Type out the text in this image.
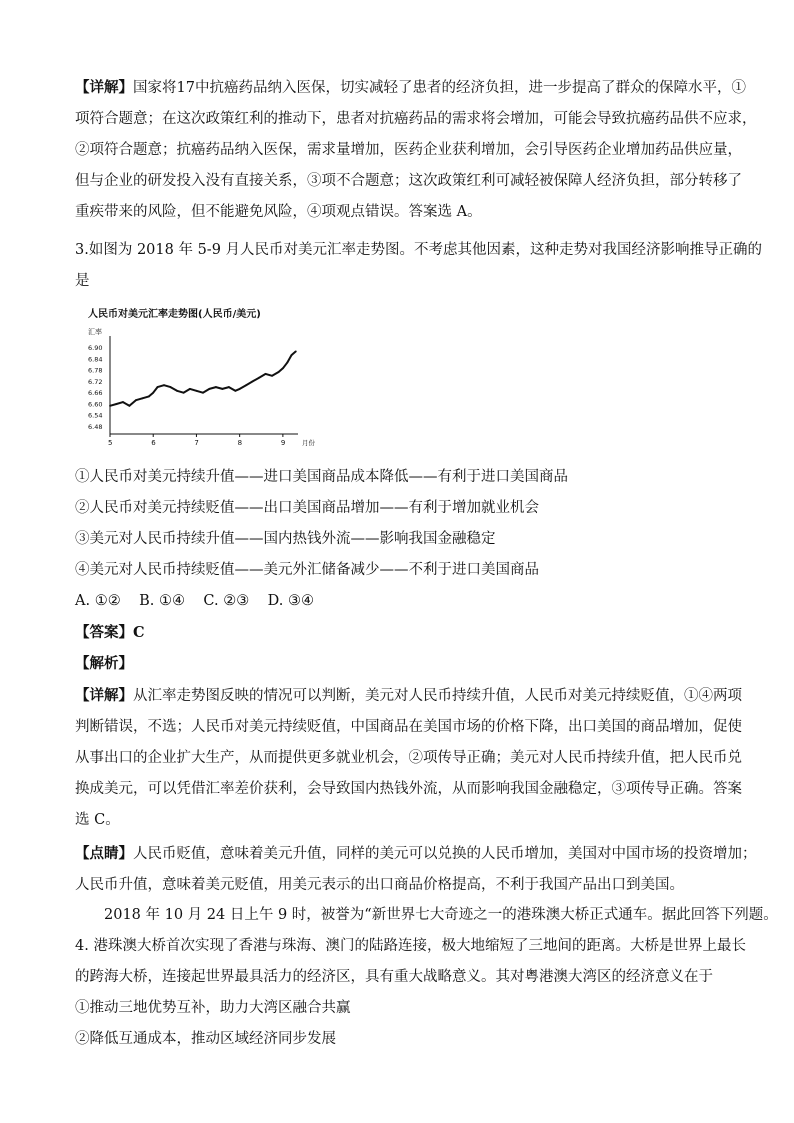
【详解】国家将17中抗癌药品纳入医保，切实减轻了患者的经济负担，进一步提高了群众的保障水平，①
项符合题意；在这次政策红利的推动下，患者对抗癌药品的需求将会增加，可能会导致抗癌药品供不应求，
②项符合题意；抗癌药品纳入医保，需求量增加，医药企业获利增加，会引导医药企业增加药品供应量，
但与企业的研发投入没有直接关系，③项不合题意；这次政策红利可减轻被保障人经济负担，部分转移了
重疾带来的风险，但不能避免风险，④项观点错误。答案选 A。
3.如图为 2018 年 5-9 月人民币对美元汇率走势图。不考虑其他因素，这种走势对我国经济影响推导正确的
是
人民币对美元汇率走势图(人民币/美元)
汇率
6.90
6.84
6.78
6.72
6.66
6.60
6.54
6.48
5	6	7	8	9	月份
①人民币对美元持续升值——进口美国商品成本降低——有利于进口美国商品
②人民币对美元持续贬值——出口美国商品增加——有利于增加就业机会
③美元对人民币持续升值——国内热钱外流——影响我国金融稳定
④美元对人民币持续贬值——美元外汇储备减少——不利于进口美国商品
A. ①②    B. ①④    C. ②③    D. ③④
【答案】C
【解析】
【详解】从汇率走势图反映的情况可以判断，美元对人民币持续升值，人民币对美元持续贬值，①④两项
判断错误，不选；人民币对美元持续贬值，中国商品在美国市场的价格下降，出口美国的商品增加，促使
从事出口的企业扩大生产，从而提供更多就业机会，②项传导正确；美元对人民币持续升值，把人民币兑
换成美元，可以凭借汇率差价获利，会导致国内热钱外流，从而影响我国金融稳定，③项传导正确。答案
选 C。
【点睛】人民币贬值，意味着美元升值，同样的美元可以兑换的人民币增加，美国对中国市场的投资增加；
人民币升值，意味着美元贬值，用美元表示的出口商品价格提高，不利于我国产品出口到美国。
2018 年 10 月 24 日上午 9 时，被誉为“新世界七大奇迹之一的港珠澳大桥正式通车。据此回答下列题。
4. 港珠澳大桥首次实现了香港与珠海、澳门的陆路连接，极大地缩短了三地间的距离。大桥是世界上最长
的跨海大桥，连接起世界最具活力的经济区，具有重大战略意义。其对粤港澳大湾区的经济意义在于
①推动三地优势互补，助力大湾区融合共赢
②降低互通成本，推动区域经济同步发展
